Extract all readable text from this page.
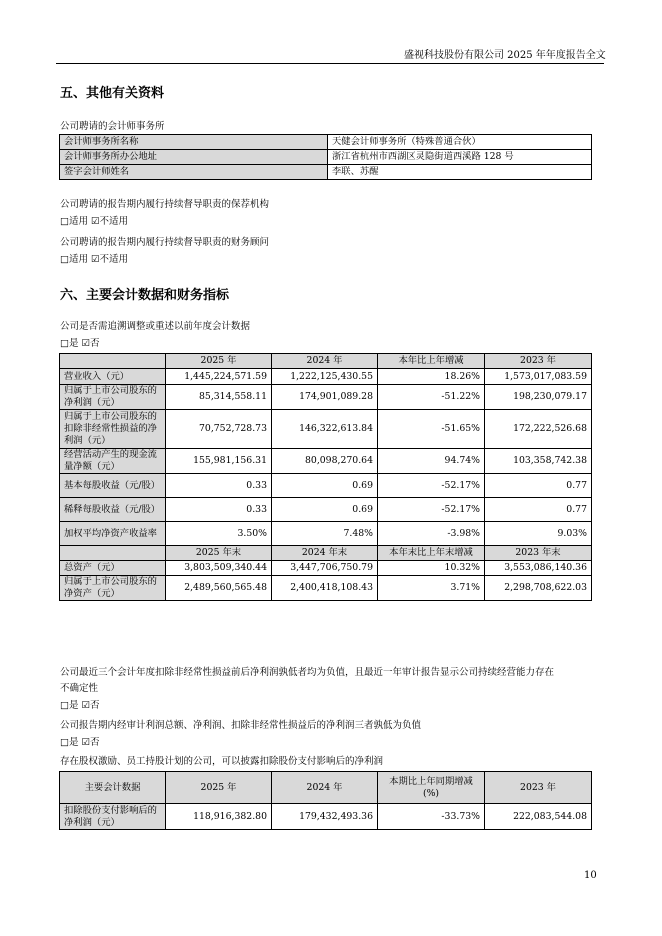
盛视科技股份有限公司 2025 年年度报告全文
五、其他有关资料
公司聘请的会计师事务所
会计师事务所名称	天健会计师事务所（特殊普通合伙）
会计师事务所办公地址	浙江省杭州市西湖区灵隐街道西溪路 128 号
签字会计师姓名	李联、苏醒
公司聘请的报告期内履行持续督导职责的保荐机构
□适用 ☑不适用
公司聘请的报告期内履行持续督导职责的财务顾问
□适用 ☑不适用
六、主要会计数据和财务指标
公司是否需追溯调整或重述以前年度会计数据
□是 ☑否
	2025 年	2024 年	本年比上年增减	2023 年
营业收入（元）	1,445,224,571.59	1,222,125,430.55	18.26%	1,573,017,083.59
归属于上市公司股东的净利润（元）	85,314,558.11	174,901,089.28	-51.22%	198,230,079.17
归属于上市公司股东的扣除非经常性损益的净利润（元）	70,752,728.73	146,322,613.84	-51.65%	172,222,526.68
经营活动产生的现金流量净额（元）	155,981,156.31	80,098,270.64	94.74%	103,358,742.38
基本每股收益（元/股）	0.33	0.69	-52.17%	0.77
稀释每股收益（元/股）	0.33	0.69	-52.17%	0.77
加权平均净资产收益率	3.50%	7.48%	-3.98%	9.03%
	2025 年末	2024 年末	本年末比上年末增减	2023 年末
总资产（元）	3,803,509,340.44	3,447,706,750.79	10.32%	3,553,086,140.36
归属于上市公司股东的净资产（元）	2,489,560,565.48	2,400,418,108.43	3.71%	2,298,708,622.03
公司最近三个会计年度扣除非经常性损益前后净利润孰低者均为负值，且最近一年审计报告显示公司持续经营能力存在
不确定性
□是 ☑否
公司报告期内经审计利润总额、净利润、扣除非经常性损益后的净利润三者孰低为负值
□是 ☑否
存在股权激励、员工持股计划的公司，可以披露扣除股份支付影响后的净利润
主要会计数据	2025 年	2024 年	本期比上年同期增减 (%)	2023 年
扣除股份支付影响后的净利润（元）	118,916,382.80	179,432,493.36	-33.73%	222,083,544.08
10
